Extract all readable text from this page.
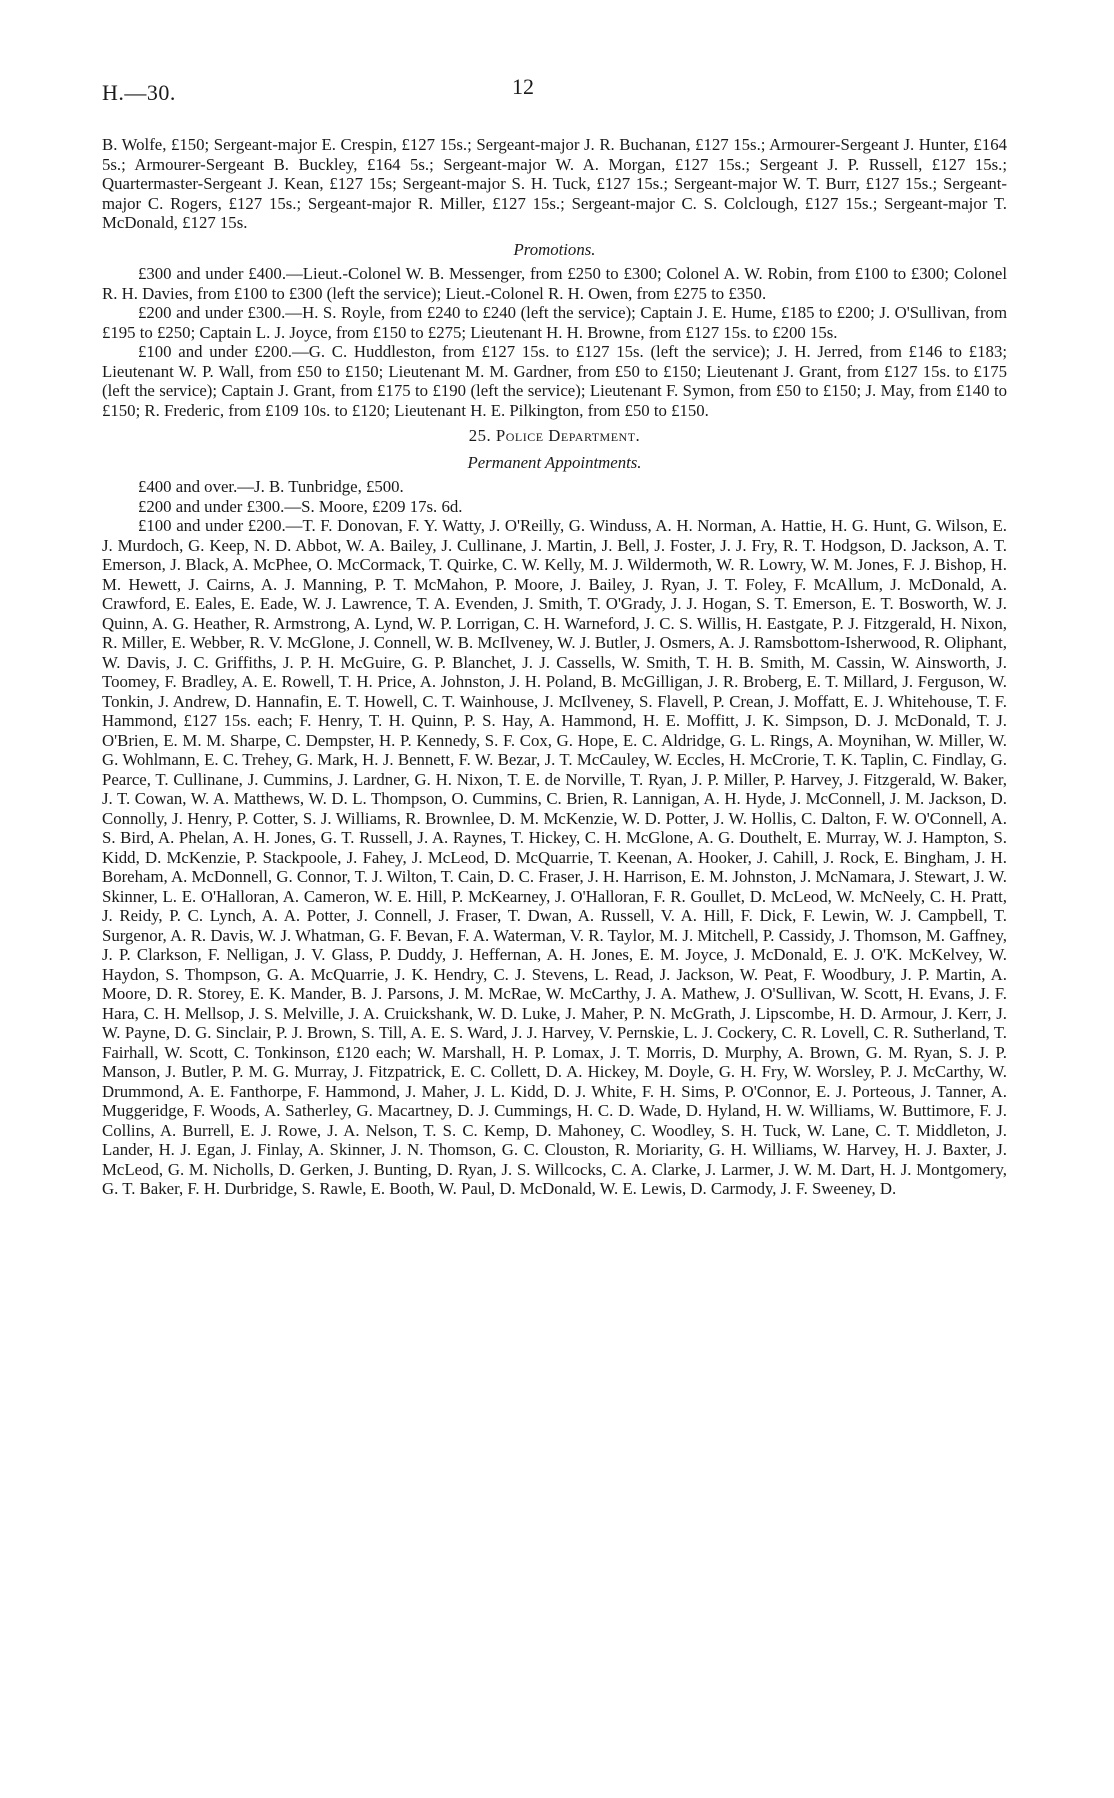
H.—30.	12

B. Wolfe, £150; Sergeant-major E. Crespin, £127 15s.; Sergeant-major J. R. Buchanan, £127 15s.; Armourer-Sergeant J. Hunter, £164 5s.; Armourer-Sergeant B. Buckley, £164 5s.; Sergeant-major W. A. Morgan, £127 15s.; Sergeant J. P. Russell, £127 15s.; Quartermaster-Sergeant J. Kean, £127 15s; Sergeant-major S. H. Tuck, £127 15s.; Sergeant-major W. T. Burr, £127 15s.; Sergeant-major C. Rogers, £127 15s.; Sergeant-major R. Miller, £127 15s.; Sergeant-major C. S. Colclough, £127 15s.; Sergeant-major T. McDonald, £127 15s.

Promotions.

£300 and under £400.—Lieut.-Colonel W. B. Messenger, from £250 to £300; Colonel A. W. Robin, from £100 to £300; Colonel R. H. Davies, from £100 to £300 (left the service); Lieut.-Colonel R. H. Owen, from £275 to £350.

£200 and under £300.—H. S. Royle, from £240 to £240 (left the service); Captain J. E. Hume, £185 to £200; J. O'Sullivan, from £195 to £250; Captain L. J. Joyce, from £150 to £275; Lieutenant H. H. Browne, from £127 15s. to £200 15s.

£100 and under £200.—G. C. Huddleston, from £127 15s. to £127 15s. (left the service); J. H. Jerred, from £146 to £183; Lieutenant W. P. Wall, from £50 to £150; Lieutenant M. M. Gardner, from £50 to £150; Lieutenant J. Grant, from £127 15s. to £175 (left the service); Captain J. Grant, from £175 to £190 (left the service); Lieutenant F. Symon, from £50 to £150; J. May, from £140 to £150; R. Frederic, from £109 10s. to £120; Lieutenant H. E. Pilkington, from £50 to £150.

25. Police Department.

Permanent Appointments.

£400 and over.—J. B. Tunbridge, £500.

£200 and under £300.—S. Moore, £209 17s. 6d.

£100 and under £200.—T. F. Donovan, F. Y. Watty, J. O'Reilly, G. Winduss, A. H. Norman, A. Hattie, H. G. Hunt, G. Wilson, E. J. Murdoch, G. Keep, N. D. Abbot, W. A. Bailey, J. Cullinane, J. Martin, J. Bell, J. Foster, J. J. Fry, R. T. Hodgson, D. Jackson, A. T. Emerson, J. Black, A. McPhee, O. McCormack, T. Quirke, C. W. Kelly, M. J. Wildermoth, W. R. Lowry, W. M. Jones, F. J. Bishop, H. M. Hewett, J. Cairns, A. J. Manning, P. T. McMahon, P. Moore, J. Bailey, J. Ryan, J. T. Foley, F. McAllum, J. McDonald, A. Crawford, E. Eales, E. Eade, W. J. Lawrence, T. A. Evenden, J. Smith, T. O'Grady, J. J. Hogan, S. T. Emerson, E. T. Bosworth, W. J. Quinn, A. G. Heather, R. Armstrong, A. Lynd, W. P. Lorrigan, C. H. Warneford, J. C. S. Willis, H. Eastgate, P. J. Fitzgerald, H. Nixon, R. Miller, E. Webber, R. V. McGlone, J. Connell, W. B. McIlveney, W. J. Butler, J. Osmers, A. J. Ramsbottom-Isherwood, R. Oliphant, W. Davis, J. C. Griffiths, J. P. H. McGuire, G. P. Blanchet, J. J. Cassells, W. Smith, T. H. B. Smith, M. Cassin, W. Ainsworth, J. Toomey, F. Bradley, A. E. Rowell, T. H. Price, A. Johnston, J. H. Poland, B. McGilligan, J. R. Broberg, E. T. Millard, J. Ferguson, W. Tonkin, J. Andrew, D. Hannafin, E. T. Howell, C. T. Wainhouse, J. McIlveney, S. Flavell, P. Crean, J. Moffatt, E. J. Whitehouse, T. F. Hammond, £127 15s. each; F. Henry, T. H. Quinn, P. S. Hay, A. Hammond, H. E. Moffitt, J. K. Simpson, D. J. McDonald, T. J. O'Brien, E. M. M. Sharpe, C. Dempster, H. P. Kennedy, S. F. Cox, G. Hope, E. C. Aldridge, G. L. Rings, A. Moynihan, W. Miller, W. G. Wohlmann, E. C. Trehey, G. Mark, H. J. Bennett, F. W. Bezar, J. T. McCauley, W. Eccles, H. McCrorie, T. K. Taplin, C. Findlay, G. Pearce, T. Cullinane, J. Cummins, J. Lardner, G. H. Nixon, T. E. de Norville, T. Ryan, J. P. Miller, P. Harvey, J. Fitzgerald, W. Baker, J. T. Cowan, W. A. Matthews, W. D. L. Thompson, O. Cummins, C. Brien, R. Lannigan, A. H. Hyde, J. McConnell, J. M. Jackson, D. Connolly, J. Henry, P. Cotter, S. J. Williams, R. Brownlee, D. M. McKenzie, W. D. Potter, J. W. Hollis, C. Dalton, F. W. O'Connell, A. S. Bird, A. Phelan, A. H. Jones, G. T. Russell, J. A. Raynes, T. Hickey, C. H. McGlone, A. G. Douthelt, E. Murray, W. J. Hampton, S. Kidd, D. McKenzie, P. Stackpoole, J. Fahey, J. McLeod, D. McQuarrie, T. Keenan, A. Hooker, J. Cahill, J. Rock, E. Bingham, J. H. Boreham, A. McDonnell, G. Connor, T. J. Wilton, T. Cain, D. C. Fraser, J. H. Harrison, E. M. Johnston, J. McNamara, J. Stewart, J. W. Skinner, L. E. O'Halloran, A. Cameron, W. E. Hill, P. McKearney, J. O'Halloran, F. R. Goullet, D. McLeod, W. McNeely, C. H. Pratt, J. Reidy, P. C. Lynch, A. A. Potter, J. Connell, J. Fraser, T. Dwan, A. Russell, V. A. Hill, F. Dick, F. Lewin, W. J. Campbell, T. Surgenor, A. R. Davis, W. J. Whatman, G. F. Bevan, F. A. Waterman, V. R. Taylor, M. J. Mitchell, P. Cassidy, J. Thomson, M. Gaffney, J. P. Clarkson, F. Nelligan, J. V. Glass, P. Duddy, J. Heffernan, A. H. Jones, E. M. Joyce, J. McDonald, E. J. O'K. McKelvey, W. Haydon, S. Thompson, G. A. McQuarrie, J. K. Hendry, C. J. Stevens, L. Read, J. Jackson, W. Peat, F. Woodbury, J. P. Martin, A. Moore, D. R. Storey, E. K. Mander, B. J. Parsons, J. M. McRae, W. McCarthy, J. A. Mathew, J. O'Sullivan, W. Scott, H. Evans, J. F. Hara, C. H. Mellsop, J. S. Melville, J. A. Cruickshank, W. D. Luke, J. Maher, P. N. McGrath, J. Lipscombe, H. D. Armour, J. Kerr, J. W. Payne, D. G. Sinclair, P. J. Brown, S. Till, A. E. S. Ward, J. J. Harvey, V. Pernskie, L. J. Cockery, C. R. Lovell, C. R. Sutherland, T. Fairhall, W. Scott, C. Tonkinson, £120 each; W. Marshall, H. P. Lomax, J. T. Morris, D. Murphy, A. Brown, G. M. Ryan, S. J. P. Manson, J. Butler, P. M. G. Murray, J. Fitzpatrick, E. C. Collett, D. A. Hickey, M. Doyle, G. H. Fry, W. Worsley, P. J. McCarthy, W. Drummond, A. E. Fanthorpe, F. Hammond, J. Maher, J. L. Kidd, D. J. White, F. H. Sims, P. O'Connor, E. J. Porteous, J. Tanner, A. Muggeridge, F. Woods, A. Satherley, G. Macartney, D. J. Cummings, H. C. D. Wade, D. Hyland, H. W. Williams, W. Buttimore, F. J. Collins, A. Burrell, E. J. Rowe, J. A. Nelson, T. S. C. Kemp, D. Mahoney, C. Woodley, S. H. Tuck, W. Lane, C. T. Middleton, J. Lander, H. J. Egan, J. Finlay, A. Skinner, J. N. Thomson, G. C. Clouston, R. Moriarity, G. H. Williams, W. Harvey, H. J. Baxter, J. McLeod, G. M. Nicholls, D. Gerken, J. Bunting, D. Ryan, J. S. Willcocks, C. A. Clarke, J. Larmer, J. W. M. Dart, H. J. Montgomery, G. T. Baker, F. H. Durbridge, S. Rawle, E. Booth, W. Paul, D. McDonald, W. E. Lewis, D. Carmody, J. F. Sweeney, D.
